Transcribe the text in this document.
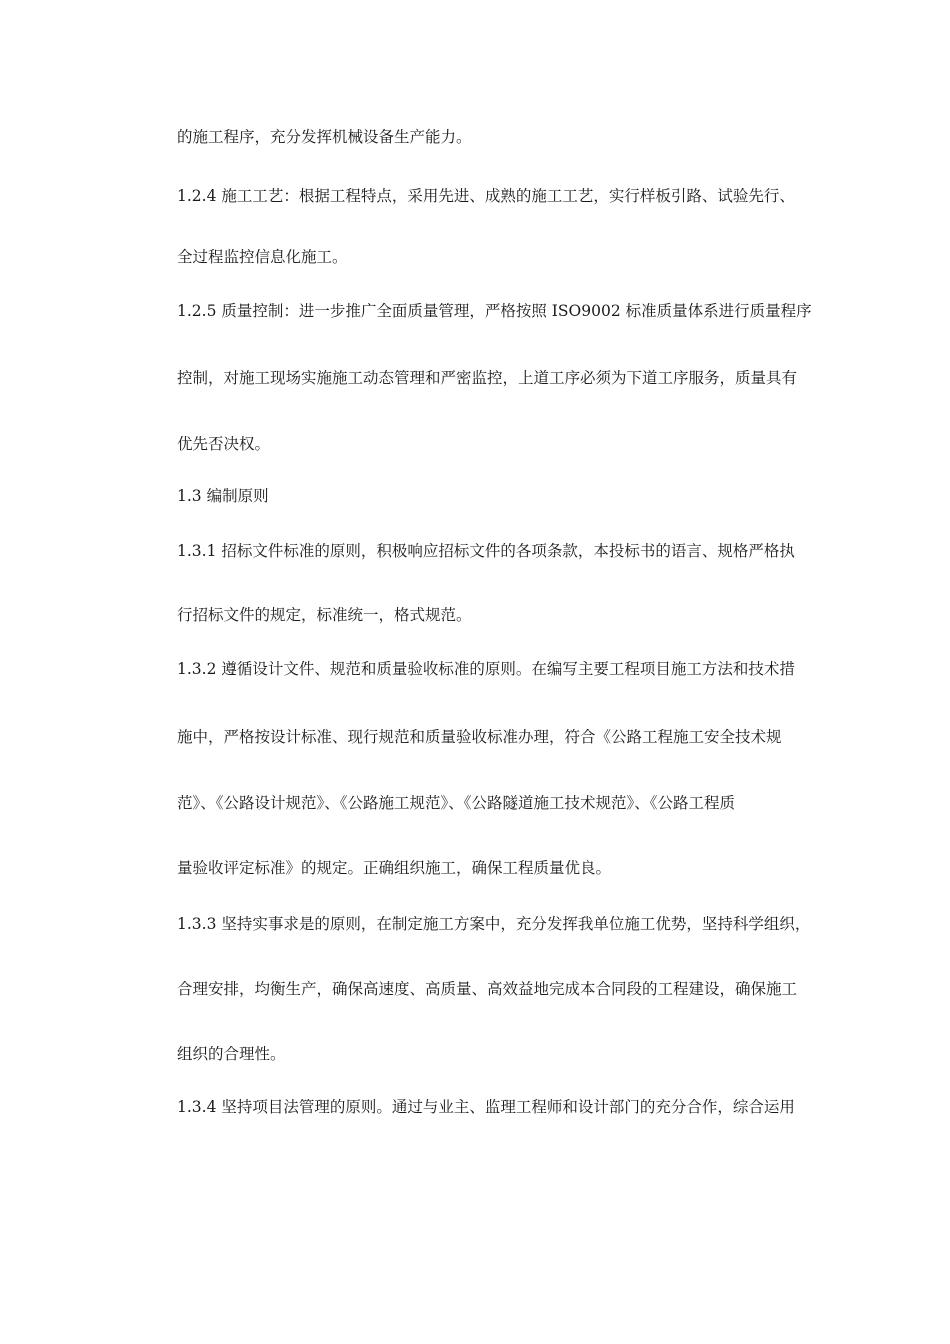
的施工程序，充分发挥机械设备生产能力。
1.2.4 施工工艺：根据工程特点，采用先进、成熟的施工工艺，实行样板引路、试验先行、
全过程监控信息化施工。
1.2.5 质量控制：进一步推广全面质量管理，严格按照 ISO9002 标准质量体系进行质量程序
控制，对施工现场实施施工动态管理和严密监控，上道工序必须为下道工序服务，质量具有
优先否决权。
1.3 编制原则
1.3.1 招标文件标准的原则，积极响应招标文件的各项条款，本投标书的语言、规格严格执
行招标文件的规定，标准统一，格式规范。
1.3.2 遵循设计文件、规范和质量验收标准的原则。在编写主要工程项目施工方法和技术措
施中，严格按设计标准、现行规范和质量验收标准办理，符合《公路工程施工安全技术规
范》、《公路设计规范》、《公路施工规范》、《公路隧道施工技术规范》、《公路工程质
量验收评定标准》的规定。正确组织施工，确保工程质量优良。
1.3.3 坚持实事求是的原则，在制定施工方案中，充分发挥我单位施工优势，坚持科学组织，
合理安排，均衡生产，确保高速度、高质量、高效益地完成本合同段的工程建设，确保施工
组织的合理性。
1.3.4 坚持项目法管理的原则。通过与业主、监理工程师和设计部门的充分合作，综合运用
